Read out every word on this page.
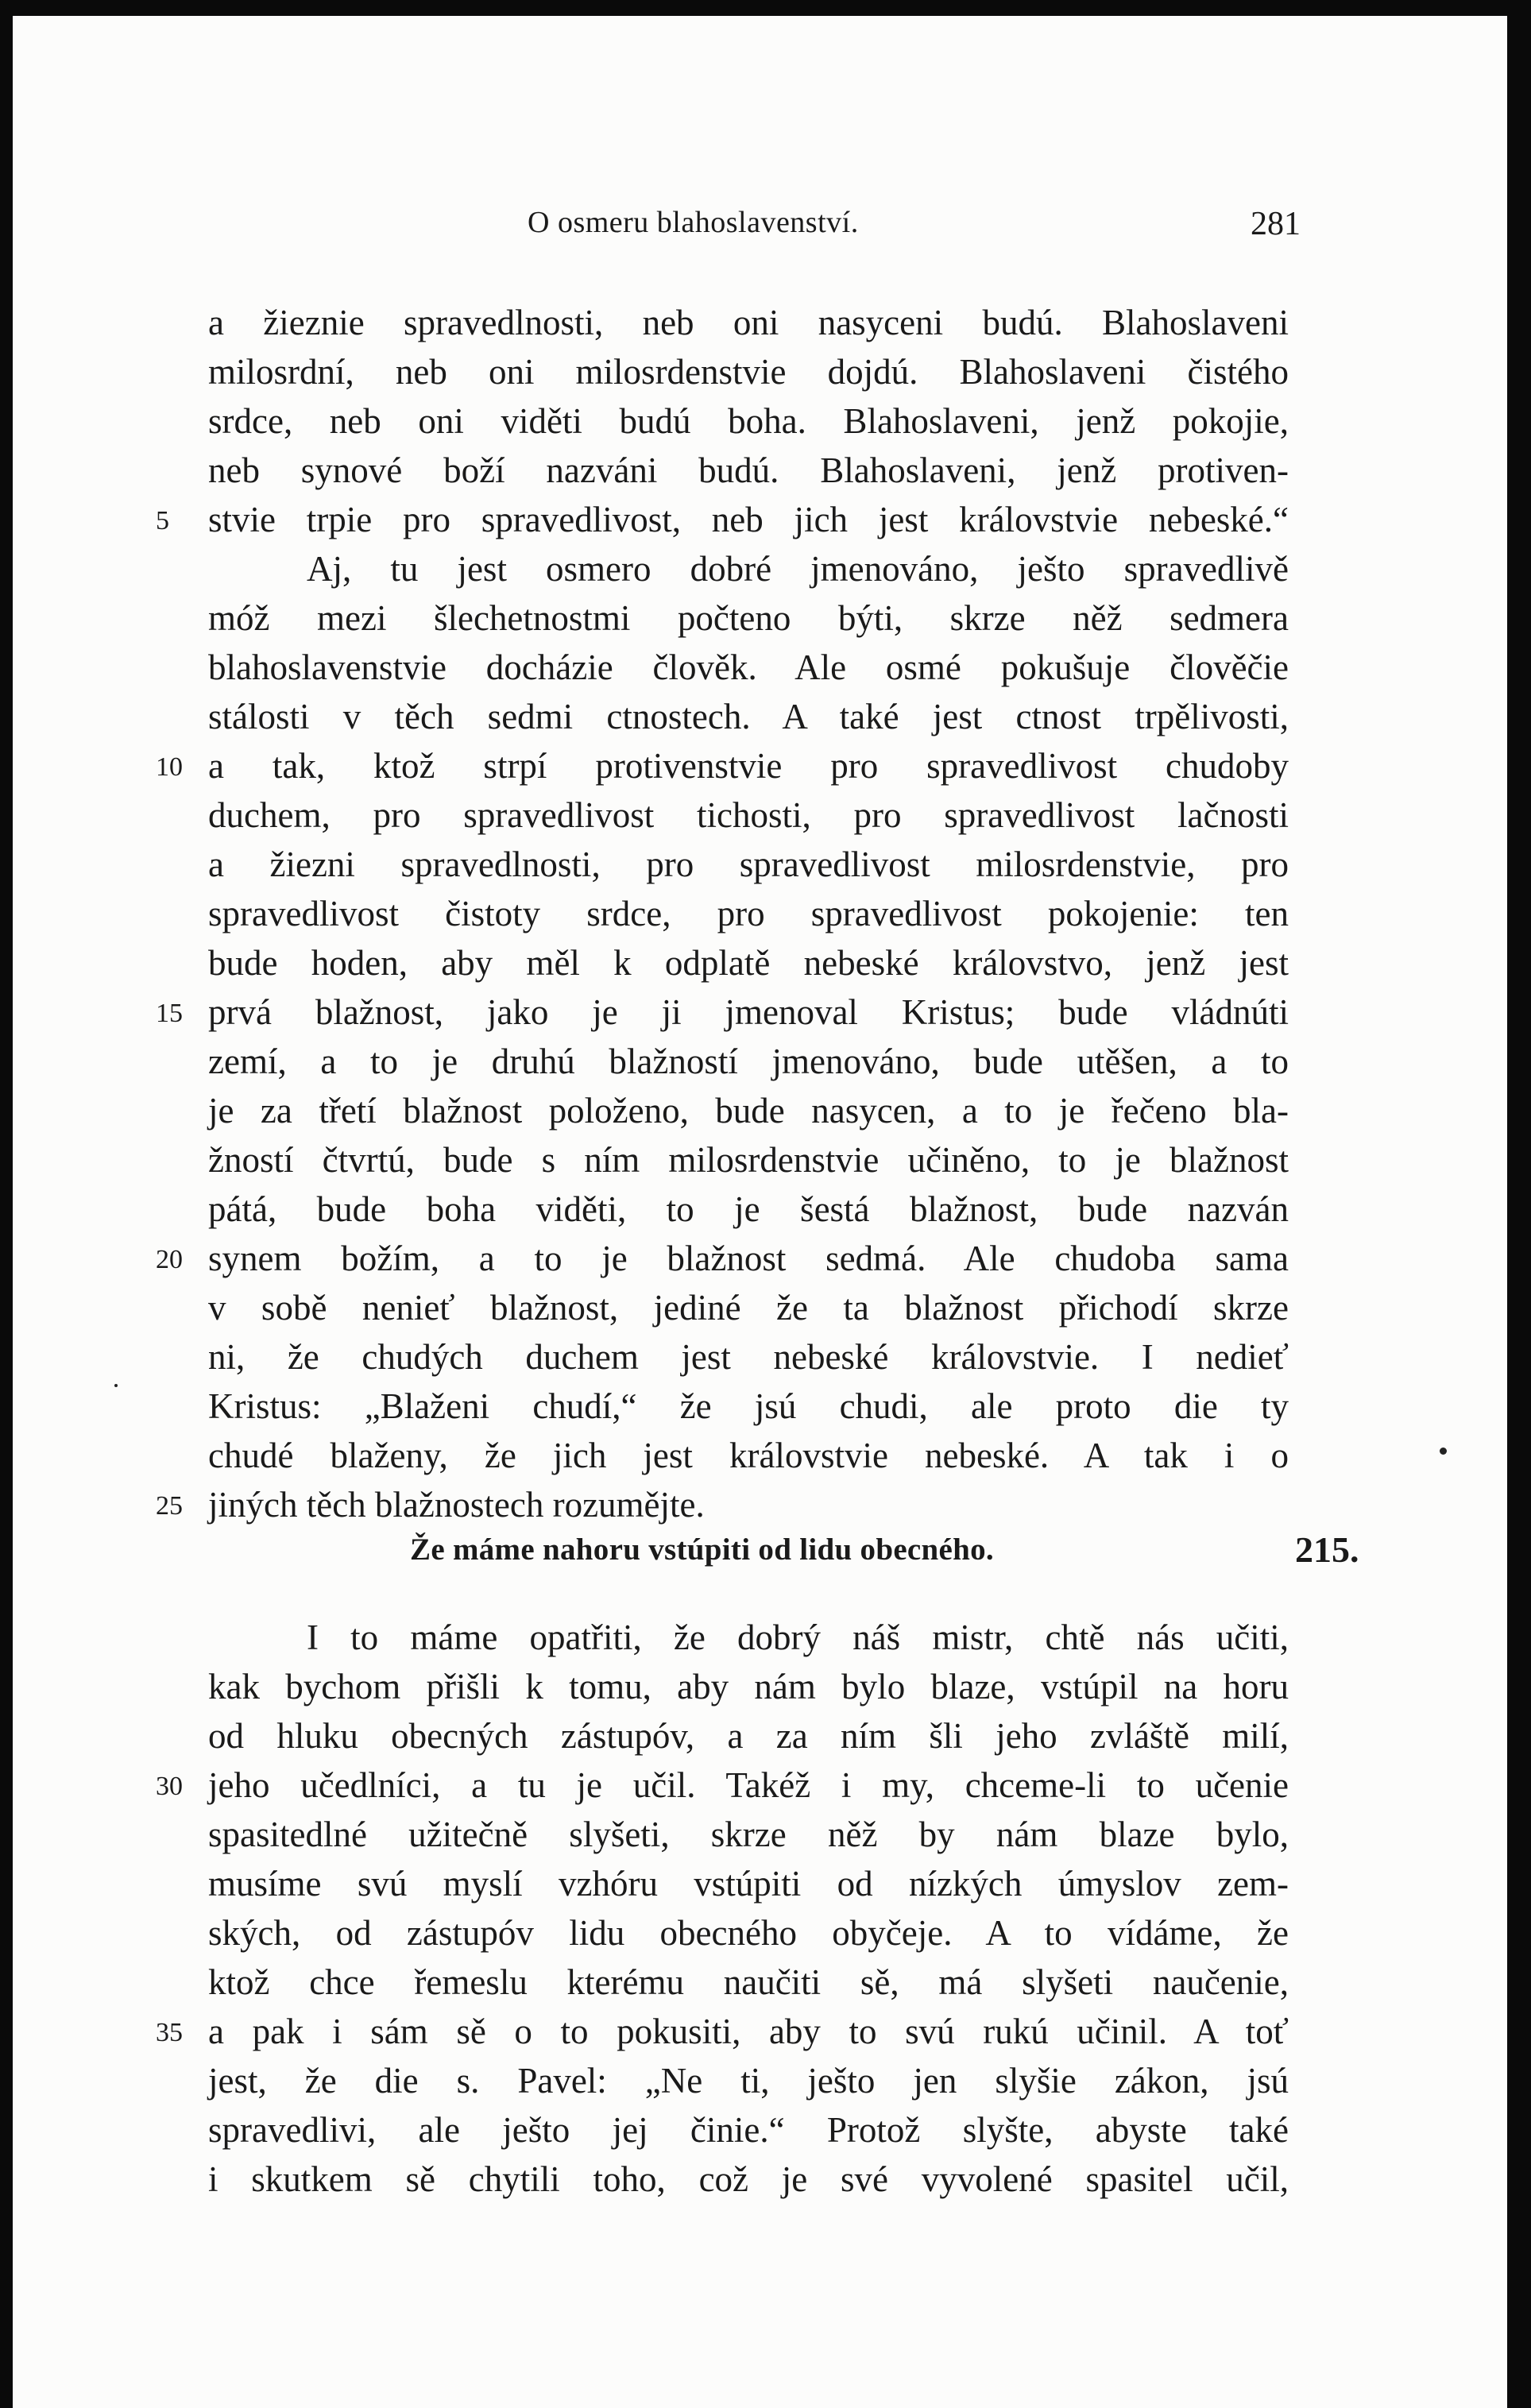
O osmeru blahoslavenství.	281
a žieznie spravedlnosti, neb oni nasyceni budú. Blahoslaveni
milosrdní, neb oni milosrdenstvie dojdú. Blahoslaveni čistého
srdce, neb oni viděti budú boha. Blahoslaveni, jenž pokojie,
neb synové boží nazváni budú. Blahoslaveni, jenž protiven-
5	stvie trpie pro spravedlivost, neb jich jest královstvie nebeské.“
Aj, tu jest osmero dobré jmenováno, ješto spravedlivě
móž mezi šlechetnostmi počteno býti, skrze něž sedmera
blahoslavenstvie docházie člověk. Ale osmé pokušuje člověčie
stálosti v těch sedmi ctnostech. A také jest ctnost trpělivosti,
10 a tak, ktož strpí protivenstvie pro spravedlivost chudoby
duchem, pro spravedlivost tichosti, pro spravedlivost lačnosti
a žiezni spravedlnosti, pro spravedlivost milosrdenstvie, pro
spravedlivost čistoty srdce, pro spravedlivost pokojenie: ten
bude hoden, aby měl k odplatě nebeské královstvo, jenž jest
15 prvá blažnost, jako je ji jmenoval Kristus; bude vládnúti
zemí, a to je druhú blažností jmenováno, bude utěšen, a to
je za třetí blažnost položeno, bude nasycen, a to je řečeno bla-
žností čtvrtú, bude s ním milosrdenstvie učiněno, to je blažnost
pátá, bude boha viděti, to je šestá blažnost, bude nazván
20 synem božím, a to je blažnost sedmá. Ale chudoba sama
v sobě nenieť blažnost, jediné že ta blažnost přichodí skrze
ni, že chudých duchem jest nebeské královstvie. I nedieť
Kristus: „Blaženi chudí,“ že jsú chudi, ale proto die ty
chudé blaženy, že jich jest královstvie nebeské. A tak i o
25 jiných těch blažnostech rozumějte.
Že máme nahoru vstúpiti od lidu obecného.	215.
I to máme opatřiti, že dobrý náš mistr, chtě nás učiti,
kak bychom přišli k tomu, aby nám bylo blaze, vstúpil na horu
od hluku obecných zástupóv, a za ním šli jeho zvláště milí,
30 jeho učedlníci, a tu je učil. Takéž i my, chceme-li to učenie
spasitedlné užitečně slyšeti, skrze něž by nám blaze bylo,
musíme svú myslí vzhóru vstúpiti od nízkých úmyslov zem-
ských, od zástupóv lidu obecného obyčeje. A to vídáme, že
ktož chce řemeslu kterému naučiti sě, má slyšeti naučenie,
35 a pak i sám sě o to pokusiti, aby to svú rukú učinil. A toť
jest, že die s. Pavel: „Ne ti, ješto jen slyšie zákon, jsú
spravedlivi, ale ješto jej činie.“ Protož slyšte, abyste také
i skutkem sě chytili toho, což je své vyvolené spasitel učil,
